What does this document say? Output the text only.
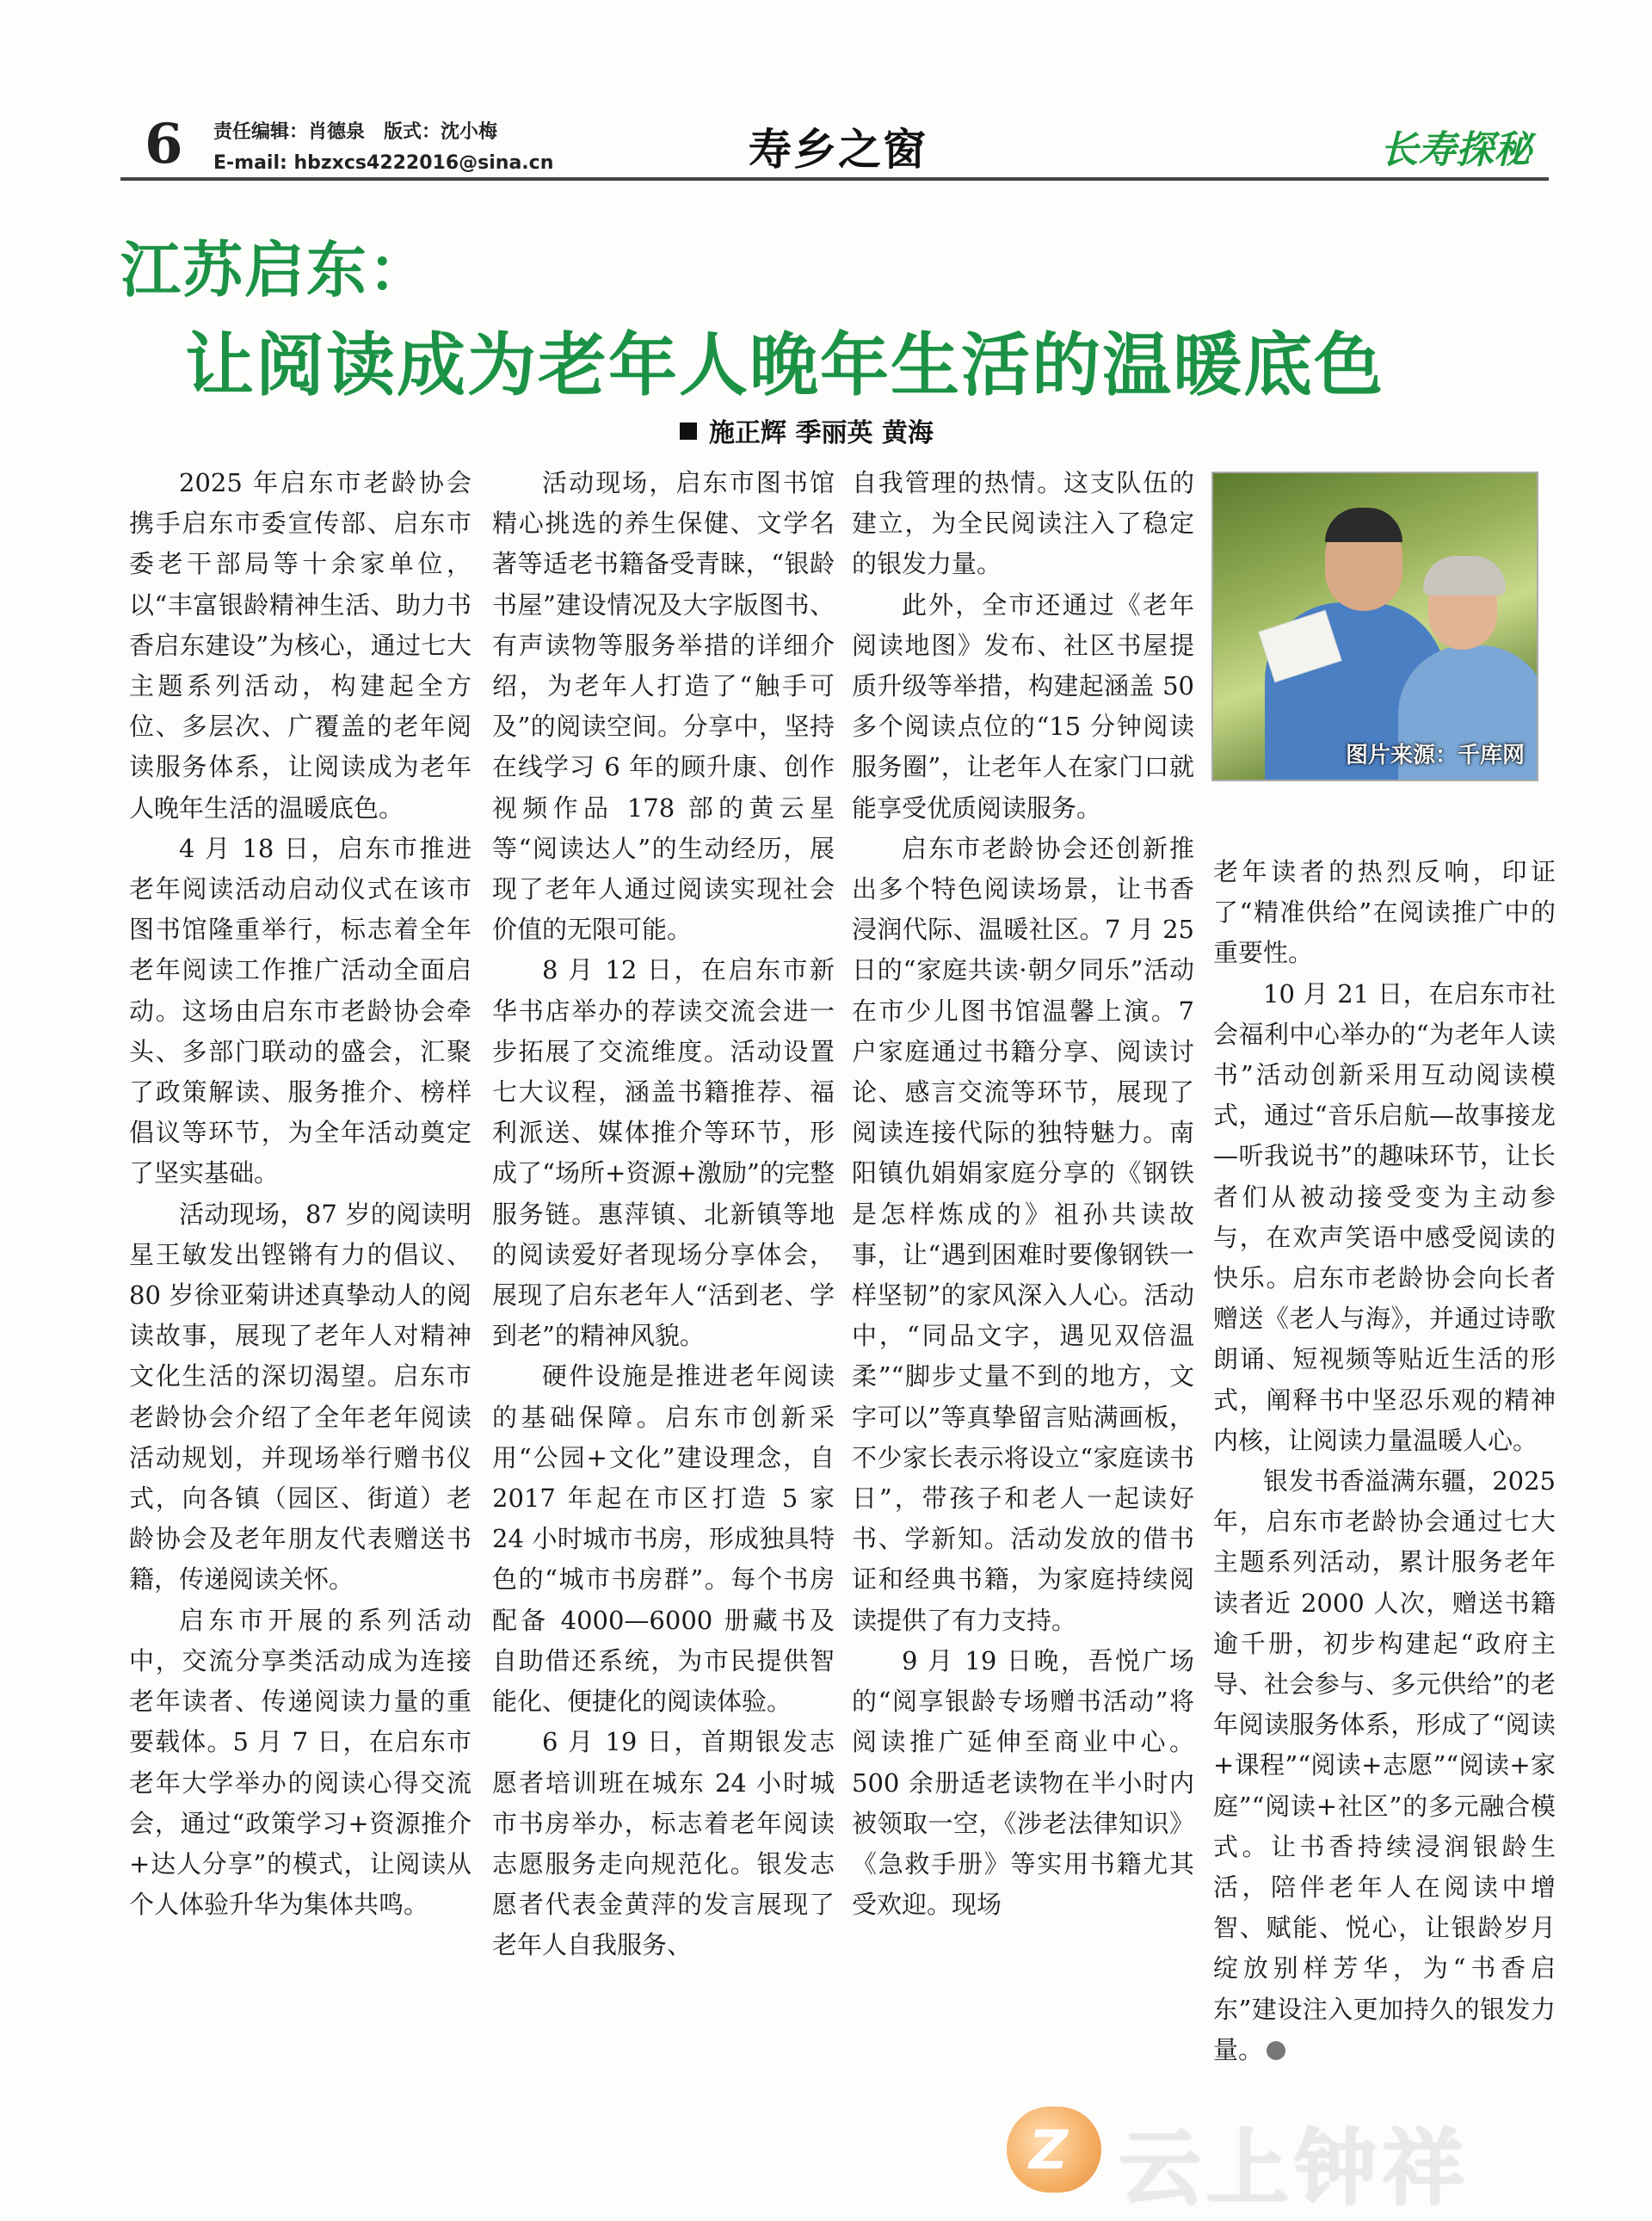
6 责任编辑：肖德泉　版式：沈小梅
E-mail: hbzxcs4222016@sina.cn	寿乡之窗	长寿探秘
江苏启东：
让阅读成为老年人晚年生活的温暖底色
施正辉 季丽英 黄海

2025 年启东市老龄协会携手启东市委宣传部、启东市委老干部局等十余家单位，以“丰富银龄精神生活、助力书香启东建设”为核心，通过七大主题系列活动，构建起全方位、多层次、广覆盖的老年阅读服务体系，让阅读成为老年人晚年生活的温暖底色。

4 月 18 日，启东市推进老年阅读活动启动仪式在该市图书馆隆重举行，标志着全年老年阅读工作推广活动全面启动。这场由启东市老龄协会牵头、多部门联动的盛会，汇聚了政策解读、服务推介、榜样倡议等环节，为全年活动奠定了坚实基础。

活动现场，87 岁的阅读明星王敏发出铿锵有力的倡议、80 岁徐亚菊讲述真挚动人的阅读故事，展现了老年人对精神文化生活的深切渴望。启东市老龄协会介绍了全年老年阅读活动规划，并现场举行赠书仪式，向各镇（园区、街道）老龄协会及老年朋友代表赠送书籍，传递阅读关怀。

启东市开展的系列活动中，交流分享类活动成为连接老年读者、传递阅读力量的重要载体。5 月 7 日，在启东市老年大学举办的阅读心得交流会，通过“政策学习+资源推介+达人分享”的模式，让阅读从个人体验升华为集体共鸣。

活动现场，启东市图书馆精心挑选的养生保健、文学名著等适老书籍备受青睐，“银龄书屋”建设情况及大字版图书、有声读物等服务举措的详细介绍，为老年人打造了“触手可及”的阅读空间。分享中，坚持在线学习 6 年的顾升康、创作视频作品 178 部的黄云星等“阅读达人”的生动经历，展现了老年人通过阅读实现社会价值的无限可能。

8 月 12 日，在启东市新华书店举办的荐读交流会进一步拓展了交流维度。活动设置七大议程，涵盖书籍推荐、福利派送、媒体推介等环节，形成了“场所+资源+激励”的完整服务链。惠萍镇、北新镇等地的阅读爱好者现场分享体会，展现了启东老年人“活到老、学到老”的精神风貌。

硬件设施是推进老年阅读的基础保障。启东市创新采用“公园+文化”建设理念，自 2017 年起在市区打造 5 家 24 小时城市书房，形成独具特色的“城市书房群”。每个书房配备 4000—6000 册藏书及自助借还系统，为市民提供智能化、便捷化的阅读体验。

6 月 19 日，首期银发志愿者培训班在城东 24 小时城市书房举办，标志着老年阅读志愿服务走向规范化。银发志愿者代表金黄萍的发言展现了老年人自我服务、

自我管理的热情。这支队伍的建立，为全民阅读注入了稳定的银发力量。

此外，全市还通过《老年阅读地图》发布、社区书屋提质升级等举措，构建起涵盖 50 多个阅读点位的“15 分钟阅读服务圈”，让老年人在家门口就能享受优质阅读服务。

启东市老龄协会还创新推出多个特色阅读场景，让书香浸润代际、温暖社区。7 月 25 日的“家庭共读·朝夕同乐”活动在市少儿图书馆温馨上演。7 户家庭通过书籍分享、阅读讨论、感言交流等环节，展现了阅读连接代际的独特魅力。南阳镇仇娟娟家庭分享的《钢铁是怎样炼成的》祖孙共读故事，让“遇到困难时要像钢铁一样坚韧”的家风深入人心。活动中，“同品文字，遇见双倍温柔”“脚步丈量不到的地方，文字可以”等真挚留言贴满画板，不少家长表示将设立“家庭读书日”，带孩子和老人一起读好书、学新知。活动发放的借书证和经典书籍，为家庭持续阅读提供了有力支持。

9 月 19 日晚，吾悦广场的“阅享银龄专场赠书活动”将阅读推广延伸至商业中心。500 余册适老读物在半小时内被领取一空，《涉老法律知识》《急救手册》等实用书籍尤其受欢迎。现场

图片来源：千库网

老年读者的热烈反响，印证了“精准供给”在阅读推广中的重要性。

10 月 21 日，在启东市社会福利中心举办的“为老年人读书”活动创新采用互动阅读模式，通过“音乐启航—故事接龙—听我说书”的趣味环节，让长者们从被动接受变为主动参与，在欢声笑语中感受阅读的快乐。启东市老龄协会向长者赠送《老人与海》，并通过诗歌朗诵、短视频等贴近生活的形式，阐释书中坚忍乐观的精神内核，让阅读力量温暖人心。

银发书香溢满东疆，2025 年，启东市老龄协会通过七大主题系列活动，累计服务老年读者近 2000 人次，赠送书籍逾千册，初步构建起“政府主导、社会参与、多元供给”的老年阅读服务体系，形成了“阅读+课程”“阅读+志愿”“阅读+家庭”“阅读+社区”的多元融合模式。让书香持续浸润银龄生活，陪伴老年人在阅读中增智、赋能、悦心，让银龄岁月绽放别样芳华，为“书香启东”建设注入更加持久的银发力量。

Z 云上钟祥
